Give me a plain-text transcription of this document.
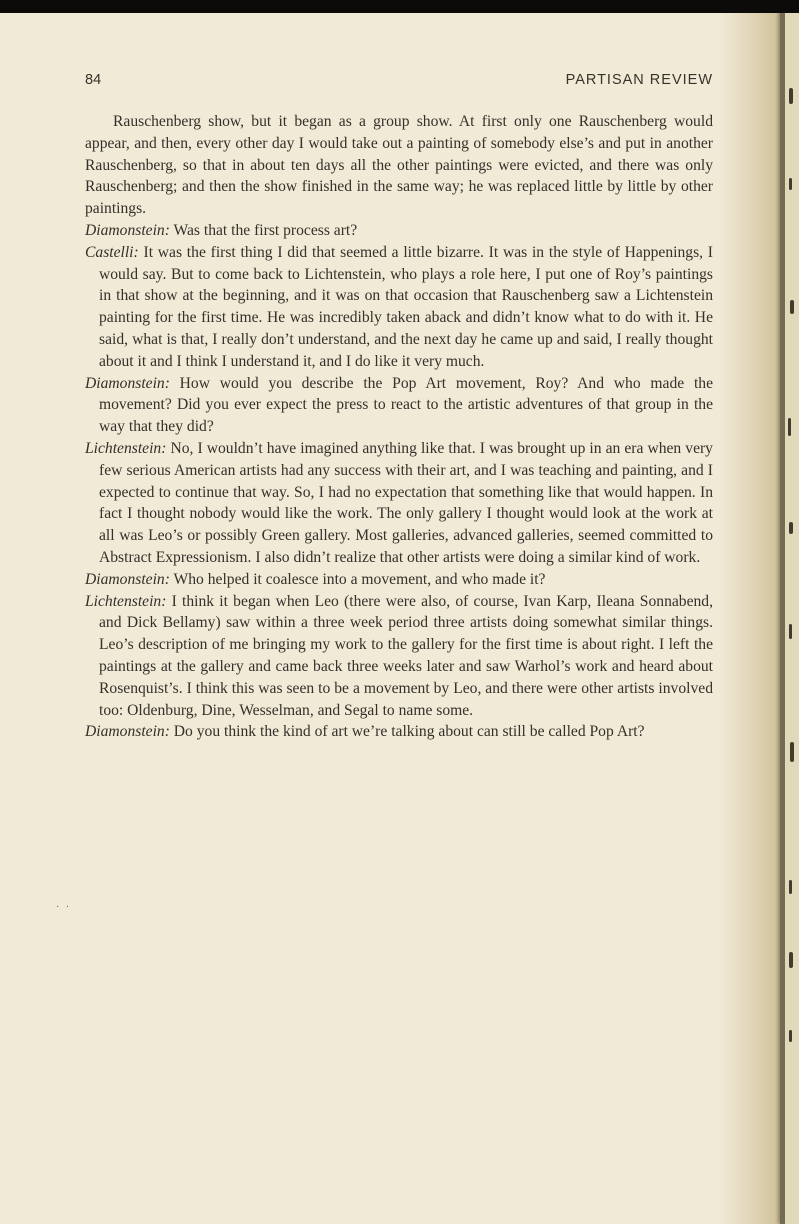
· ·
84	PARTISAN REVIEW

Rauschenberg show, but it began as a group show. At first only one Rauschenberg would appear, and then, every other day I would take out a painting of somebody else’s and put in another Rauschenberg, so that in about ten days all the other paintings were evicted, and there was only Rauschenberg; and then the show finished in the same way; he was replaced little by little by other paintings.

Diamonstein: Was that the first process art?

Castelli: It was the first thing I did that seemed a little bizarre. It was in the style of Happenings, I would say. But to come back to Lichtenstein, who plays a role here, I put one of Roy’s paintings in that show at the beginning, and it was on that occasion that Rauschenberg saw a Lichtenstein painting for the first time. He was incredibly taken aback and didn’t know what to do with it. He said, what is that, I really don’t understand, and the next day he came up and said, I really thought about it and I think I understand it, and I do like it very much.

Diamonstein: How would you describe the Pop Art movement, Roy? And who made the movement? Did you ever expect the press to react to the artistic adventures of that group in the way that they did?

Lichtenstein: No, I wouldn’t have imagined anything like that. I was brought up in an era when very few serious American artists had any success with their art, and I was teaching and painting, and I expected to continue that way. So, I had no expectation that something like that would happen. In fact I thought nobody would like the work. The only gallery I thought would look at the work at all was Leo’s or possibly Green gallery. Most galleries, advanced galleries, seemed committed to Abstract Expressionism. I also didn’t realize that other artists were doing a similar kind of work.

Diamonstein: Who helped it coalesce into a movement, and who made it?

Lichtenstein: I think it began when Leo (there were also, of course, Ivan Karp, Ileana Sonnabend, and Dick Bellamy) saw within a three week period three artists doing somewhat similar things. Leo’s description of me bringing my work to the gallery for the first time is about right. I left the paintings at the gallery and came back three weeks later and saw Warhol’s work and heard about Rosenquist’s. I think this was seen to be a movement by Leo, and there were other artists involved too: Oldenburg, Dine, Wesselman, and Segal to name some.

Diamonstein: Do you think the kind of art we’re talking about can still be called Pop Art?
